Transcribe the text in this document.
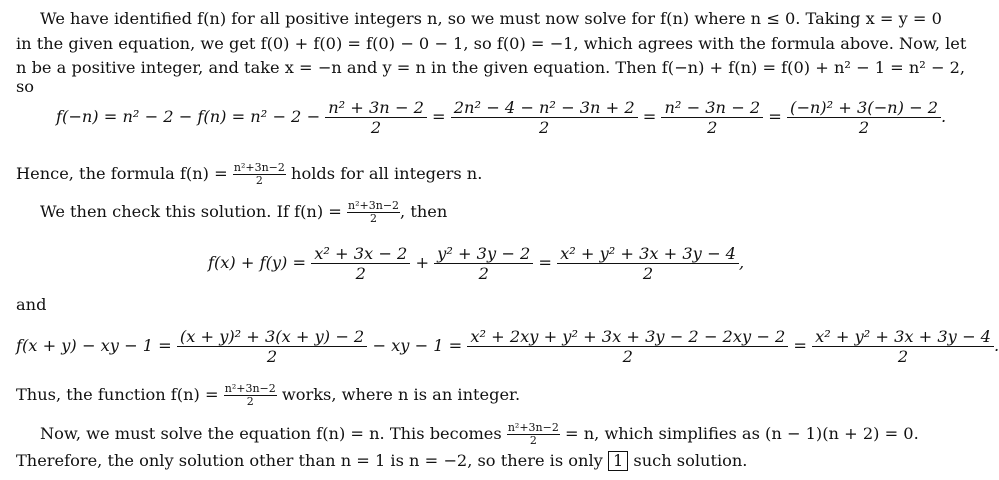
We have identified f(n) for all positive integers n, so we must now solve for f(n) where n ≤ 0. Taking x = y = 0
in the given equation, we get f(0) + f(0) = f(0) − 0 − 1, so f(0) = −1, which agrees with the formula above. Now, let
n be a positive integer, and take x = −n and y = n in the given equation. Then f(−n) + f(n) = f(0) + n² − 1 = n² − 2,
so
$f(-n) = n^2 - 2 - f(n) = n^2 - 2 - \frac{\text{n² + 3n − 2}}{2} = \frac{\text{2n² − 4 − n² − 3n + 2}}{2} = \frac{\text{n² − 3n − 2}}{2} = \frac{\text{(−n)² + 3(−n) − 2}}{2}$ .
Hence, the formula $f(n) = \frac{\text{n²+3n−2}}{2}$ holds for all integers n.
We then check this solution. If $f(n) = \frac{\text{n²+3n−2}}{2}$ , then
$f(x) + f(y) = \frac{\text{x² + 3x − 2}}{2} + \frac{\text{y² + 3y − 2}}{2} = \frac{\text{x² + y² + 3x + 3y − 4}}{2}$ ,
and
f(x + y) − xy − $1 = \frac{\text{(x + y)² + 3(x + y) − 2}}{2}$ − xy − $1 = \frac{\text{x² + 2xy + y² + 3x + 3y − 2 − 2xy − 2}}{2} = \frac{\text{x² + y² + 3x + 3y − 4}}{2}$ .
Thus, the function $f(n) = \frac{\text{n²+3n−2}}{2}$ works, where n is an integer.
Now, we must solve the equation f(n) = n. This becomes $\frac{\text{n²+3n−2}}{2} = n$, which simplifies as (n − 1)(n + 2) = 0.
Therefore, the only solution other than n = 1 is n = −2, so there is only 1 such solution.
